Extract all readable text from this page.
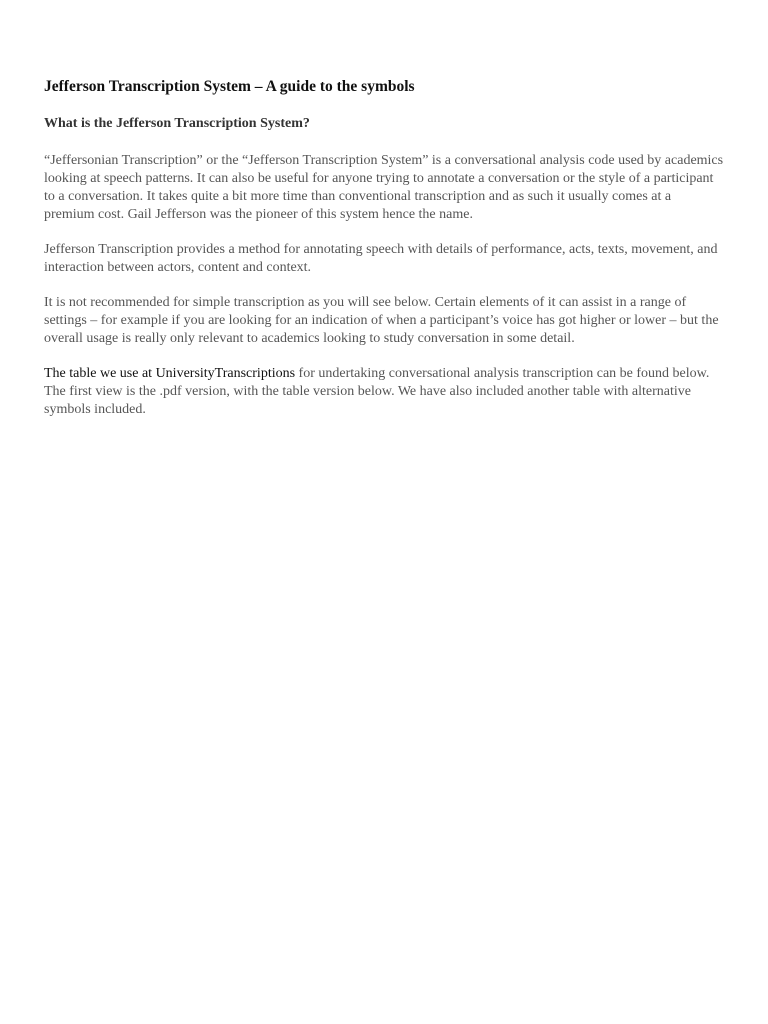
Jefferson Transcription System – A guide to the symbols
What is the Jefferson Transcription System?

“Jeffersonian Transcription” or the “Jefferson Transcription System” is a conversational analysis code used by academics looking at speech patterns. It can also be useful for anyone trying to annotate a conversation or the style of a participant to a conversation. It takes quite a bit more time than conventional transcription and as such it usually comes at a premium cost. Gail Jefferson was the pioneer of this system hence the name.

Jefferson Transcription provides a method for annotating speech with details of performance, acts, texts, movement, and interaction between actors, content and context.

It is not recommended for simple transcription as you will see below. Certain elements of it can assist in a range of settings – for example if you are looking for an indication of when a participant’s voice has got higher or lower – but the overall usage is really only relevant to academics looking to study conversation in some detail.

The table we use at UniversityTranscriptions for undertaking conversational analysis transcription can be found below. The first view is the .pdf version, with the table version below. We have also included another table with alternative symbols included.
